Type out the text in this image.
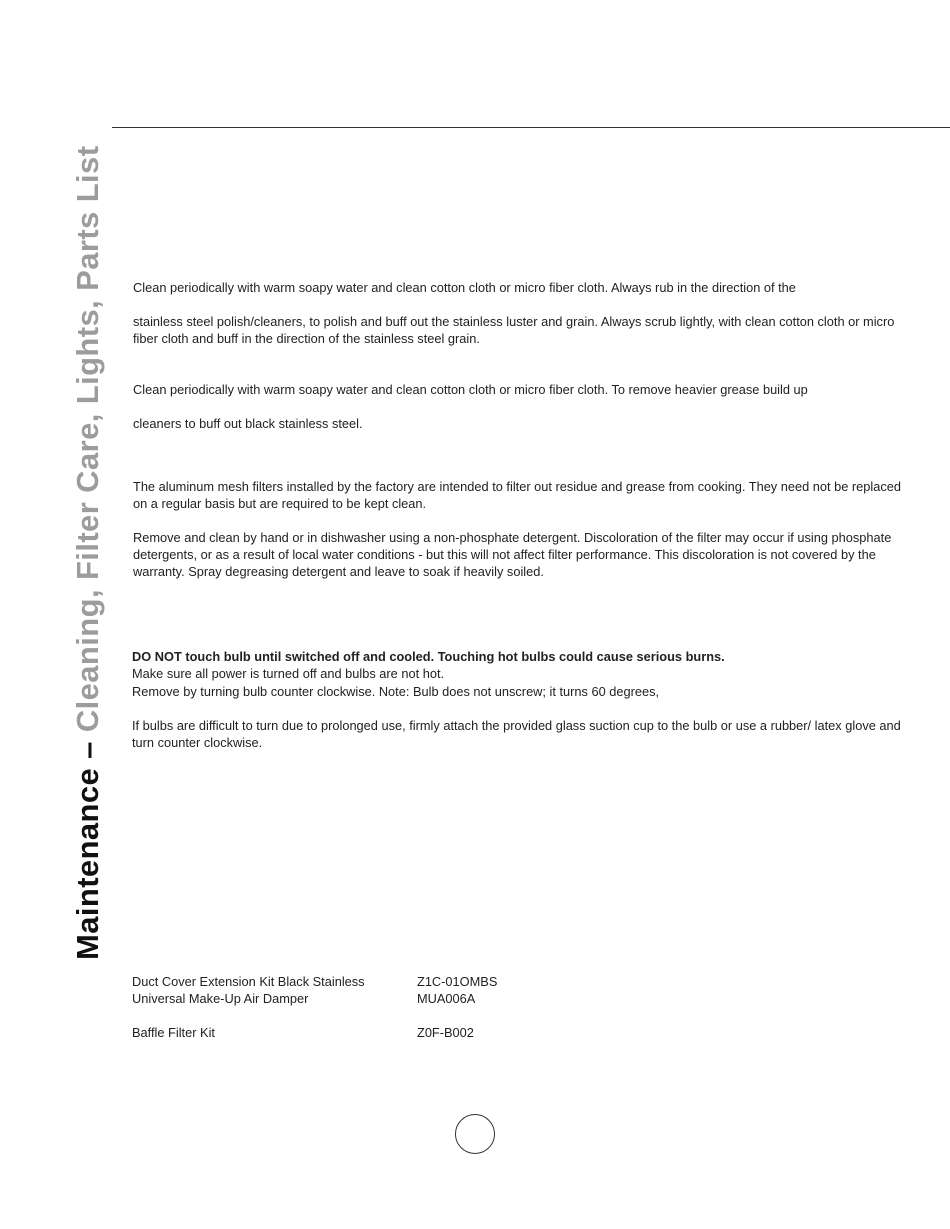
Maintenance – Cleaning, Filter Care, Lights, Parts List Clean periodically with warm soapy water and clean cotton cloth or micro fiber cloth. Always rub in the direction of the

stainless steel polish/cleaners, to polish and buff out the stainless luster and grain. Always scrub lightly, with clean cotton cloth or micro fiber cloth and buff in the direction of the stainless steel grain.

Clean periodically with warm soapy water and clean cotton cloth or micro fiber cloth. To remove heavier grease build up

cleaners to buff out black stainless steel.

The aluminum mesh filters installed by the factory are intended to filter out residue and grease from cooking. They need not be replaced on a regular basis but are required to be kept clean.

Remove and clean by hand or in dishwasher using a non-phosphate detergent. Discoloration of the filter may occur if using phosphate detergents, or as a result of local water conditions - but this will not affect filter performance. This discoloration is not covered by the warranty. Spray degreasing detergent and leave to soak if heavily soiled.

DO NOT touch bulb until switched off and cooled. Touching hot bulbs could cause serious burns.

Make sure all power is turned off and bulbs are not hot.

Remove by turning bulb counter clockwise. Note: Bulb does not unscrew; it turns 60 degrees,

If bulbs are difficult to turn due to prolonged use, firmly attach the provided glass suction cup to the bulb or use a rubber/ latex glove and turn counter clockwise.

Duct Cover Extension Kit Black Stainless	Z1C-01OMBS
Universal Make-Up Air Damper	MUA006A
Baffle Filter Kit	Z0F-B002
